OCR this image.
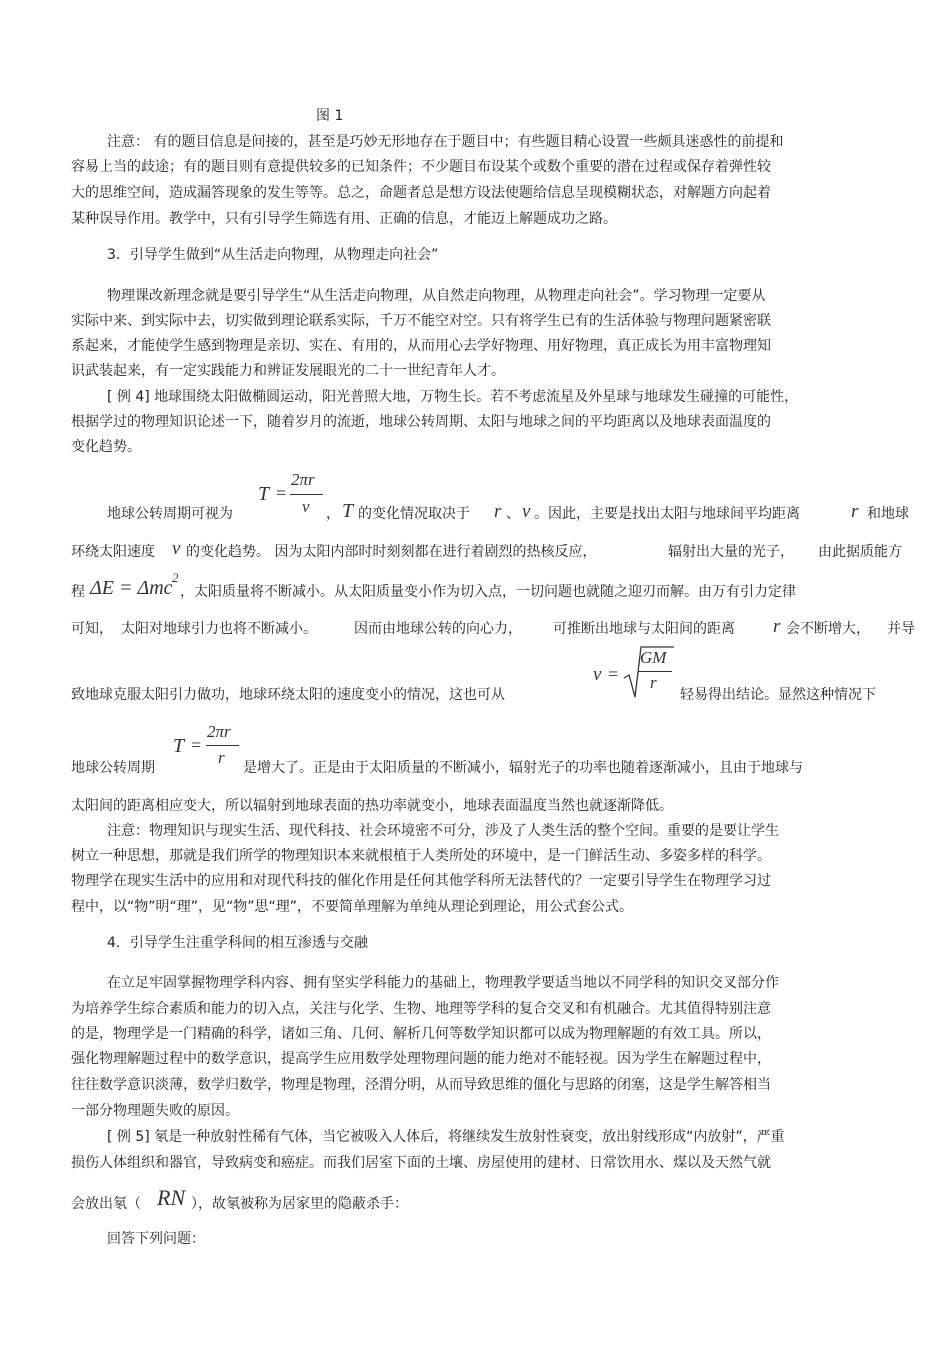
图 1
注意： 有的题目信息是间接的，甚至是巧妙无形地存在于题目中；有些题目精心设置一些颇具迷惑性的前提和
容易上当的歧途；有的题目则有意提供较多的已知条件；不少题目布设某个或数个重要的潜在过程或保存着弹性较
大的思维空间，造成漏答现象的发生等等。总之，命题者总是想方设法使题给信息呈现模糊状态，对解题方向起着
某种误导作用。教学中，只有引导学生筛选有用、正确的信息，才能迈上解题成功之路。
3．引导学生做到“从生活走向物理，从物理走向社会”
物理课改新理念就是要引导学生“从生活走向物理，从自然走向物理，从物理走向社会”。学习物理一定要从
实际中来、到实际中去，切实做到理论联系实际，千万不能空对空。只有将学生已有的生活体验与物理问题紧密联
系起来，才能使学生感到物理是亲切、实在、有用的，从而用心去学好物理、用好物理，真正成长为用丰富物理知
识武装起来，有一定实践能力和辨证发展眼光的二十一世纪青年人才。
[ 例 4] 地球围绕太阳做椭圆运动，阳光普照大地，万物生长。若不考虑流星及外星球与地球发生碰撞的可能性，
根据学过的物理知识论述一下，随着岁月的流逝，地球公转周期、太阳与地球之间的平均距离以及地球表面温度的
变化趋势。
地球公转周期可视为
T =
2πr
v ， T 的变化情况取决于 r 、 v 。因此，主要是找出太阳与地球间平均距离	r 和地球
环绕太阳速度 v 的变化趋势。 因为太阳内部时时刻刻都在进行着剧烈的热核反应，	辐射出大量的光子， 由此据质能方
程 ΔE = Δmc 2
，太阳质量将不断减小。从太阳质量变小作为切入点，一切问题也就随之迎刃而解。由万有引力定律
可知， 太阳对地球引力也将不断减小。	因而由地球公转的向心力， 可推断出地球与太阳间的距离 r 会不断增大， 并导
致地球克服太阳引力做功，地球环绕太阳的速度变小的情况，这也可从
v =
GM
r
轻易得出结论。显然这种情况下
地球公转周期
T =
2πr
r
是增大了。正是由于太阳质量的不断减小，辐射光子的功率也随着逐渐减小，且由于地球与
太阳间的距离相应变大，所以辐射到地球表面的热功率就变小，地球表面温度当然也就逐渐降低。
注意：物理知识与现实生活、现代科技、社会环境密不可分，涉及了人类生活的整个空间。重要的是要让学生
树立一种思想，那就是我们所学的物理知识本来就根植于人类所处的环境中，是一门鲜活生动、多姿多样的科学。
物理学在现实生活中的应用和对现代科技的催化作用是任何其他学科所无法替代的？一定要引导学生在物理学习过
程中，以“物”明“理”，见“物”思“理”，不要简单理解为单纯从理论到理论，用公式套公式。
4．引导学生注重学科间的相互渗透与交融
在立足牢固掌握物理学科内容、拥有坚实学科能力的基础上，物理教学要适当地以不同学科的知识交叉部分作
为培养学生综合素质和能力的切入点，关注与化学、生物、地理等学科的复合交叉和有机融合。尤其值得特别注意
的是，物理学是一门精确的科学，诸如三角、几何、解析几何等数学知识都可以成为物理解题的有效工具。所以，
强化物理解题过程中的数学意识，提高学生应用数学处理物理问题的能力绝对不能轻视。因为学生在解题过程中，
往往数学意识淡薄，数学归数学，物理是物理，泾渭分明，从而导致思维的僵化与思路的闭塞，这是学生解答相当
一部分物理题失败的原因。
[ 例 5] 氡是一种放射性稀有气体，当它被吸入人体后，将继续发生放射性衰变，放出射线形成“内放射”，严重
损伤人体组织和器官，导致病变和癌症。而我们居室下面的土壤、房屋使用的建材、日常饮用水、煤以及天然气就
会放出氡（ RN ），故氡被称为居家里的隐蔽杀手：
回答下列问题：
